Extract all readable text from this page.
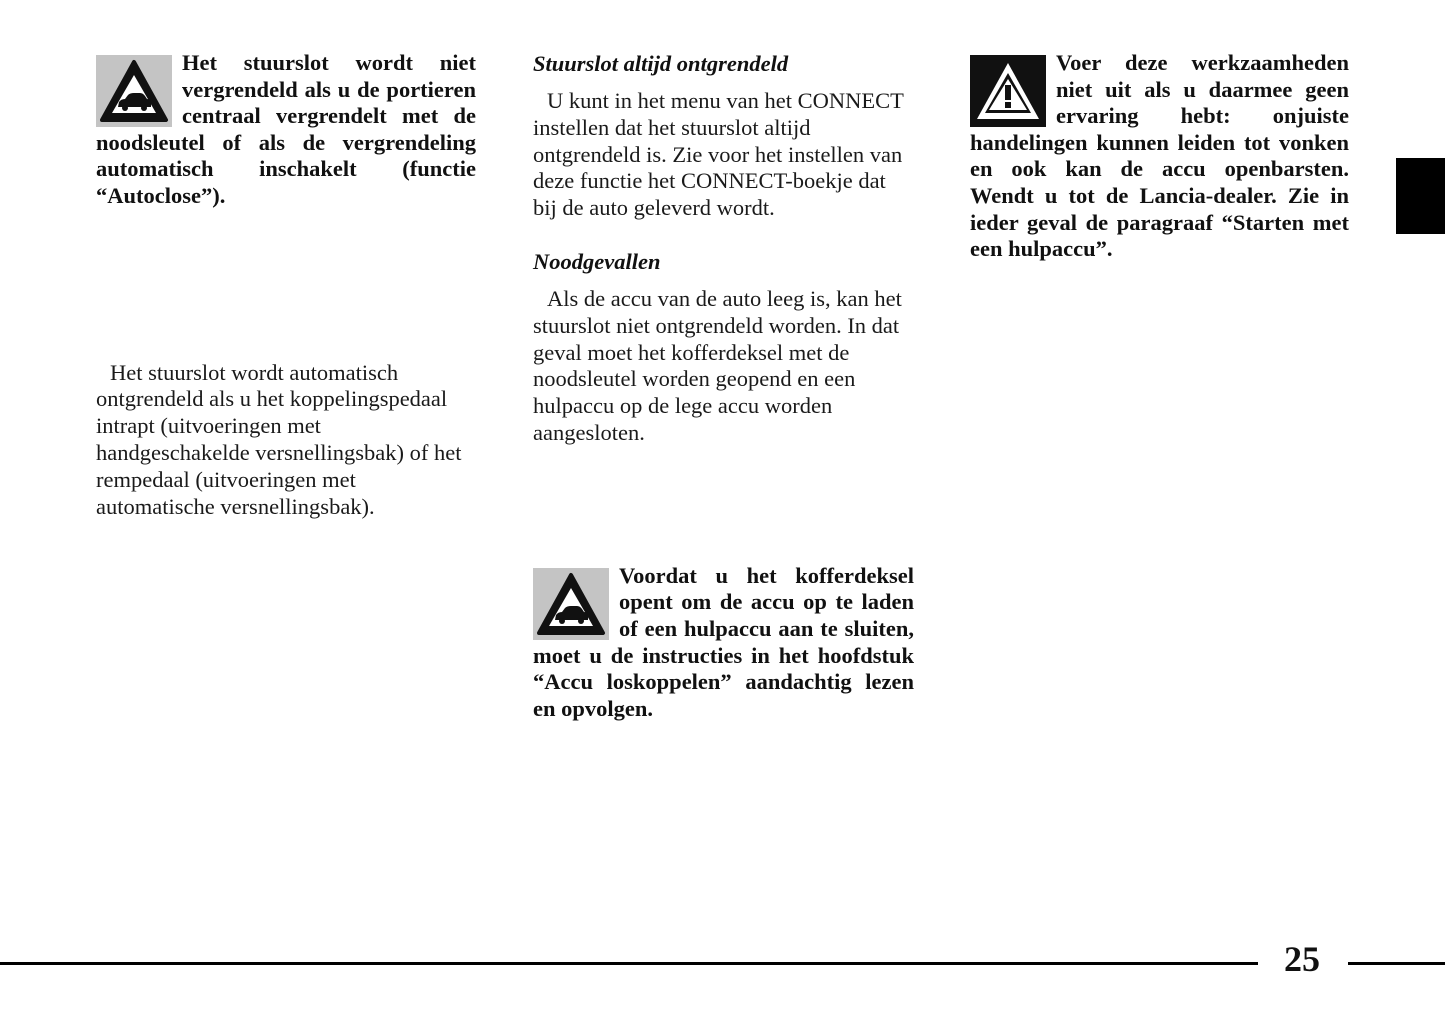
Het stuurslot wordt niet vergrendeld als u de portieren centraal vergrendelt met de noodsleutel of als de vergrendeling automatisch inschakelt (functie “Autoclose”).

Het stuurslot wordt automatisch ontgrendeld als u het koppelingspedaal intrapt (uitvoeringen met handgeschakelde versnellingsbak) of het rempedaal (uitvoeringen met automatische versnellingsbak).

Stuurslot altijd ontgrendeld

U kunt in het menu van het CONNECT instellen dat het stuurslot altijd ontgrendeld is. Zie voor het instellen van deze functie het CONNECT-boekje dat bij de auto geleverd wordt.

Noodgevallen

Als de accu van de auto leeg is, kan het stuurslot niet ontgrendeld worden. In dat geval moet het kofferdeksel met de noodsleutel worden geopend en een hulpaccu op de lege accu worden aangesloten.

Voordat u het kofferdeksel opent om de accu op te laden of een hulpaccu aan te sluiten, moet u de instructies in het hoofdstuk “Accu loskoppelen” aandachtig lezen en opvolgen.
Voer deze werkzaamheden niet uit als u daarmee geen ervaring hebt: onjuiste handelingen kunnen leiden tot vonken en ook kan de accu openbarsten. Wendt u tot de Lancia-dealer. Zie in ieder geval de paragraaf “Starten met een hulpaccu”.
25
